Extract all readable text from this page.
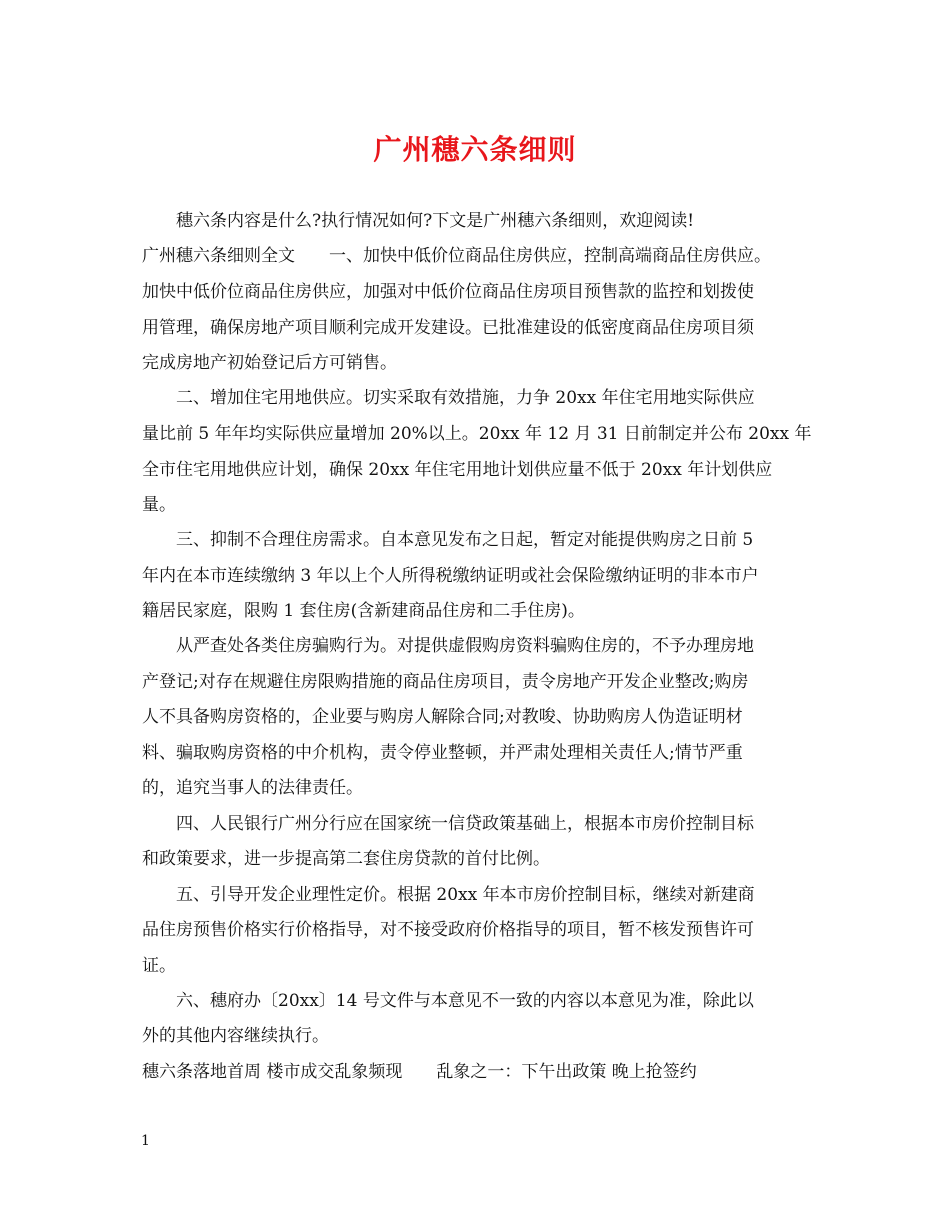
广州穗六条细则

穗六条内容是什么?执行情况如何?下文是广州穗六条细则，欢迎阅读!

广州穗六条细则全文 一、加快中低价位商品住房供应，控制高端商品住房供应。

加快中低价位商品住房供应，加强对中低价位商品住房项目预售款的监控和划拨使

用管理，确保房地产项目顺利完成开发建设。已批准建设的低密度商品住房项目须

完成房地产初始登记后方可销售。

二、增加住宅用地供应。切实采取有效措施，力争 20xx 年住宅用地实际供应

量比前 5 年年均实际供应量增加 20%以上。20xx 年 12 月 31 日前制定并公布 20xx 年

全市住宅用地供应计划，确保 20xx 年住宅用地计划供应量不低于 20xx 年计划供应

量。

三、抑制不合理住房需求。自本意见发布之日起，暂定对能提供购房之日前 5

年内在本市连续缴纳 3 年以上个人所得税缴纳证明或社会保险缴纳证明的非本市户

籍居民家庭，限购 1 套住房(含新建商品住房和二手住房)。

从严查处各类住房骗购行为。对提供虚假购房资料骗购住房的，不予办理房地

产登记;对存在规避住房限购措施的商品住房项目，责令房地产开发企业整改;购房

人不具备购房资格的，企业要与购房人解除合同;对教唆、协助购房人伪造证明材

料、骗取购房资格的中介机构，责令停业整顿，并严肃处理相关责任人;情节严重

的，追究当事人的法律责任。

四、人民银行广州分行应在国家统一信贷政策基础上，根据本市房价控制目标

和政策要求，进一步提高第二套住房贷款的首付比例。

五、引导开发企业理性定价。根据 20xx 年本市房价控制目标，继续对新建商

品住房预售价格实行价格指导，对不接受政府价格指导的项目，暂不核发预售许可

证。

六、穗府办〔20xx〕14 号文件与本意见不一致的内容以本意见为准，除此以

外的其他内容继续执行。

穗六条落地首周 楼市成交乱象频现 乱象之一：下午出政策 晚上抢签约

1
